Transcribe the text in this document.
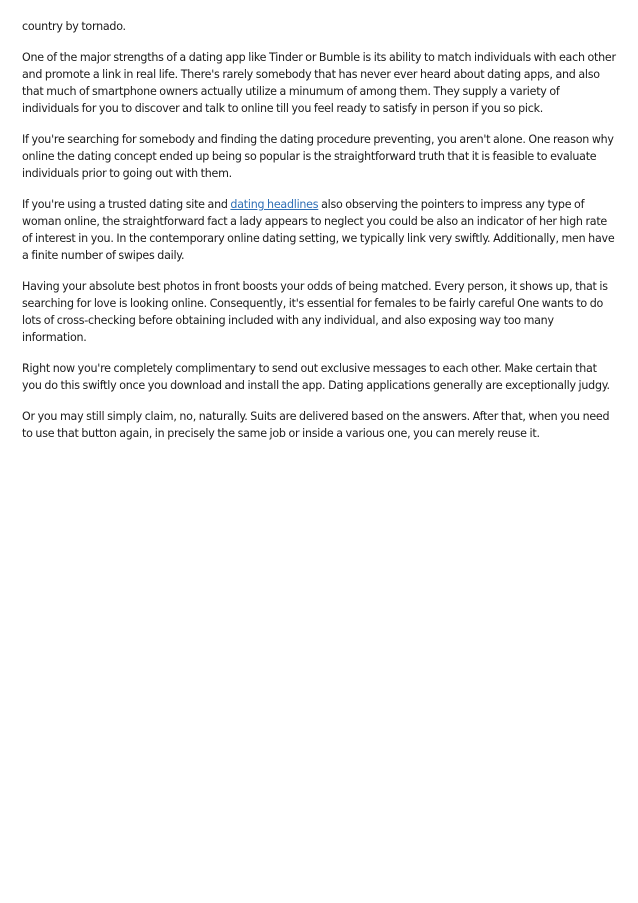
country by tornado.

One of the major strengths of a dating app like Tinder or Bumble is its ability to match individuals with each other and promote a link in real life. There's rarely somebody that has never ever heard about dating apps, and also that much of smartphone owners actually utilize a minumum of among them. They supply a variety of individuals for you to discover and talk to online till you feel ready to satisfy in person if you so pick.

If you're searching for somebody and finding the dating procedure preventing, you aren't alone. One reason why online the dating concept ended up being so popular is the straightforward truth that it is feasible to evaluate individuals prior to going out with them.

If you're using a trusted dating site and dating headlines also observing the pointers to impress any type of woman online, the straightforward fact a lady appears to neglect you could be also an indicator of her high rate of interest in you. In the contemporary online dating setting, we typically link very swiftly. Additionally, men have a finite number of swipes daily.

Having your absolute best photos in front boosts your odds of being matched. Every person, it shows up, that is searching for love is looking online. Consequently, it's essential for females to be fairly careful One wants to do lots of cross-checking before obtaining included with any individual, and also exposing way too many information.

Right now you're completely complimentary to send out exclusive messages to each other. Make certain that you do this swiftly once you download and install the app. Dating applications generally are exceptionally judgy.

Or you may still simply claim, no, naturally. Suits are delivered based on the answers. After that, when you need to use that button again, in precisely the same job or inside a various one, you can merely reuse it.
